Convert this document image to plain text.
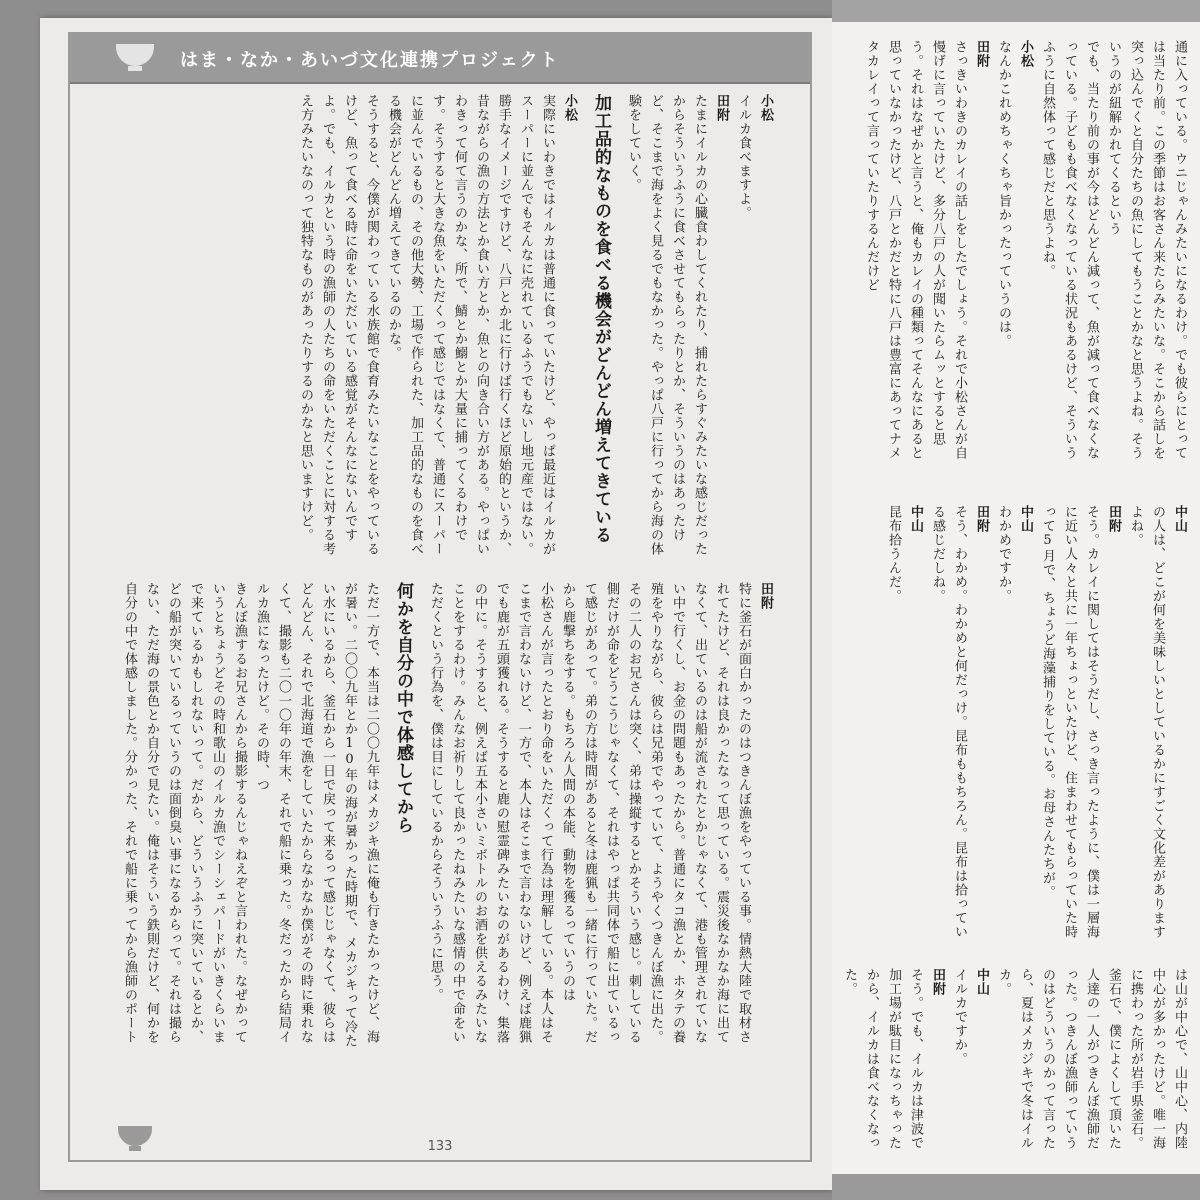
はま・なか・あいづ文化連携プロジェクト

小松
イルカ食べますよ。

田附
たまにイルカの心臓食わしてくれたり、捕れたらすぐみたいな感じだったからそういうふうに食べさせてもらったりとか、そういうのはあったけど、そこまで海をよく見るでもなかった。やっぱ八戸に行ってから海の体験をしていく。

加工品的なものを食べる機会がどんどん増えてきている

小松
実際にいわきではイルカは普通に食っていたけど、やっぱ最近はイルカがスーパーに並んでもそんなに売れているふうでもないし地元産ではない。勝手なイメージですけど、八戸とか北に行けば行くほど原始的というか、昔ながらの漁の方法とか食い方とか、魚との向き合い方がある。やっぱいわきって何て言うのかな、所で、鯖とか鰯とか大量に捕ってくるわけです。そうすると大きな魚をいただくって感じではなくて、普通にスーパーに並んでいるもの、その他大勢、工場で作られた、加工品的なものを食べる機会がどんどん増えてきているのかな。

そうすると、今僕が関わっている水族館で食育みたいなことをやっているけど、魚って食べる時に命をいただいている感覚がそんなにないんですよ。でも、イルカという時の漁師の人たちの命をいただくことに対する考え方みたいなのって独特なものがあったりするのかなと思いますけど。

田附
特に釜石が面白かったのはつきんぼ漁をやっている事。情熱大陸で取材されてたけど、それは良かったなって思っている。震災後なかなか海に出てなくて、出ているのは船が流されたとかじゃなくて、港も管理されていない中で行くし、お金の問題もあったから。普通にタコ漁とか、ホタテの養殖をやりながら、彼らは兄弟でやっていて、ようやくつきんぼ漁に出た。その二人のお兄さんは突く、弟は操縦するとかそういう感じ。刺している側だけが命をどうこうじゃなくて、それはやっぱ共同体で船に出ているって感じがあって。弟の方は時間があると冬は鹿猟も一緒に行っていた。だから鹿撃ちをする。もちろん人間の本能、動物を獲るっていうのは

小松さんが言ったとおり命をいただくって行為は理解している。本人はそこまで言わないけど、一方で、本人はそこまで言わないけど、例えば鹿猟でも鹿が五頭獲れる。そうすると鹿の慰霊碑みたいなのがあるわけ、集落の中に。そうすると、例えば五本小さいミボトルのお酒を供えるみたいなことをするわけ。みんなお祈りして良かったねみたいな感情の中で命をいただくという行為を、僕は目にしているからそういうふうに思う。

何かを自分の中で体感してから

ただ一方で、本当は二〇〇九年はメカジキ漁に俺も行きたかったけど、海が暑い。二〇〇九年とか10年の海が暑かった時期で、メカジキって冷たい水にいるから、釜石から一日で戻って来るって感じじゃなくて、彼らはどんどん、それで北海道で漁をしていたからなかなか僕がその時に乗れなくて、撮影も二〇一〇年の年末、それで船に乗った。冬だったから結局イルカ漁になったけど。その時、つ

きんぼ漁するお兄さんから撮影するんじゃねえぞと言われた。なぜかっていうとちょうどその時和歌山のイルカ漁でシーシェパードがいきくらいまで来ているかもしれないって。だから、どういうふうに突いているとか、どの船が突いているっていうのは面倒臭い事になるからって。それは撮らない、ただ海の景色とか自分で見たい。俺はそういう鉄則だけど、何かを自分の中で体感しました。分かった、それで船に乗ってから漁師のポート

133

通に入っている。ウニじゃんみたいになるわけ。でも彼らにとっては当たり前。この季節はお客さん来たらみたいな。そこから話しを突っ込んでくと自分たちの魚にしてもうことかなと思うよね。そういうのが紐解かれてくるという

でも、当たり前の事が今はどんどん減って、魚が減って食べなくなっている。子どもも食べなくなっている状況もあるけど、そういうふうに自然体って感じだと思うよね。

小松
なんかこれめちゃくちゃ旨かったっていうのは。

田附
さっきいわきのカレイの話しをしたでしょう。それで小松さんが自慢げに言っていたけど、多分八戸の人が聞いたらムッとすると思う。それはなぜかと言うと、俺もカレイの種類ってそんなにあると思っていなかったけど、八戸とかだと特に八戸は豊富にあってナメタカレイって言っていたりするんだけど

中山
の人は、どこが何を美味しいとしているかにすごく文化差がありますよね。

田附
そう。カレイに関してはそうだし、さっき言ったように、僕は一層海に近い人々と共に一年ちょっといたけど、住まわせてもらっていた時って5月で、ちょうど海藻捕りをしている。お母さんたちが。

中山
わかめですか。

田附
そう、わかめ。わかめと何だっけ。昆布ももちろん。昆布は拾っている感じだしね。

中山
昆布拾うんだ。

は山が中心で、山中心、内陸中心が多かったけど。唯一海に携わった所が岩手県釜石。釜石で、僕によくして頂いた人達の一人がつきんぼ漁師だった。つきんぼ漁師っていうのはどういうのかって言ったら、夏はメカジキで冬はイルカ。

中山
イルカですか。

田附
そう。でも、イルカは津波で加工場が駄目になっちゃったから、イルカは食べなくなった。
